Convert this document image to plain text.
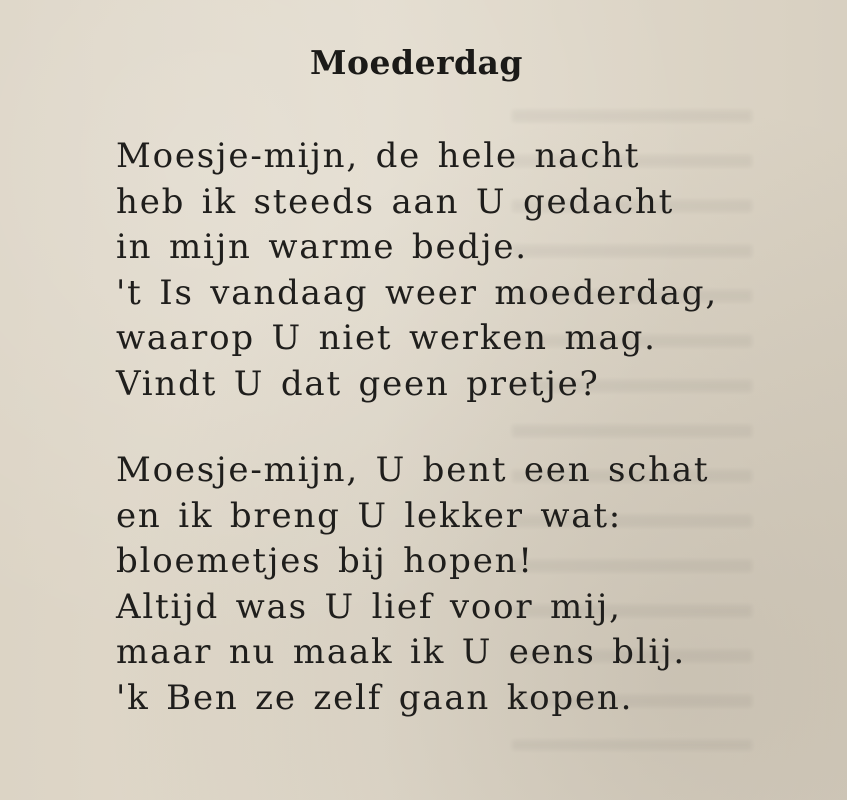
Moederdag
Moesje-mijn, de hele nacht
heb ik steeds aan U gedacht
in mijn warme bedje.
't Is vandaag weer moederdag,
waarop U niet werken mag.
Vindt U dat geen pretje?
Moesje-mijn, U bent een schat
en ik breng U lekker wat:
bloemetjes bij hopen!
Altijd was U lief voor mij,
maar nu maak ik U eens blij.
'k Ben ze zelf gaan kopen.
